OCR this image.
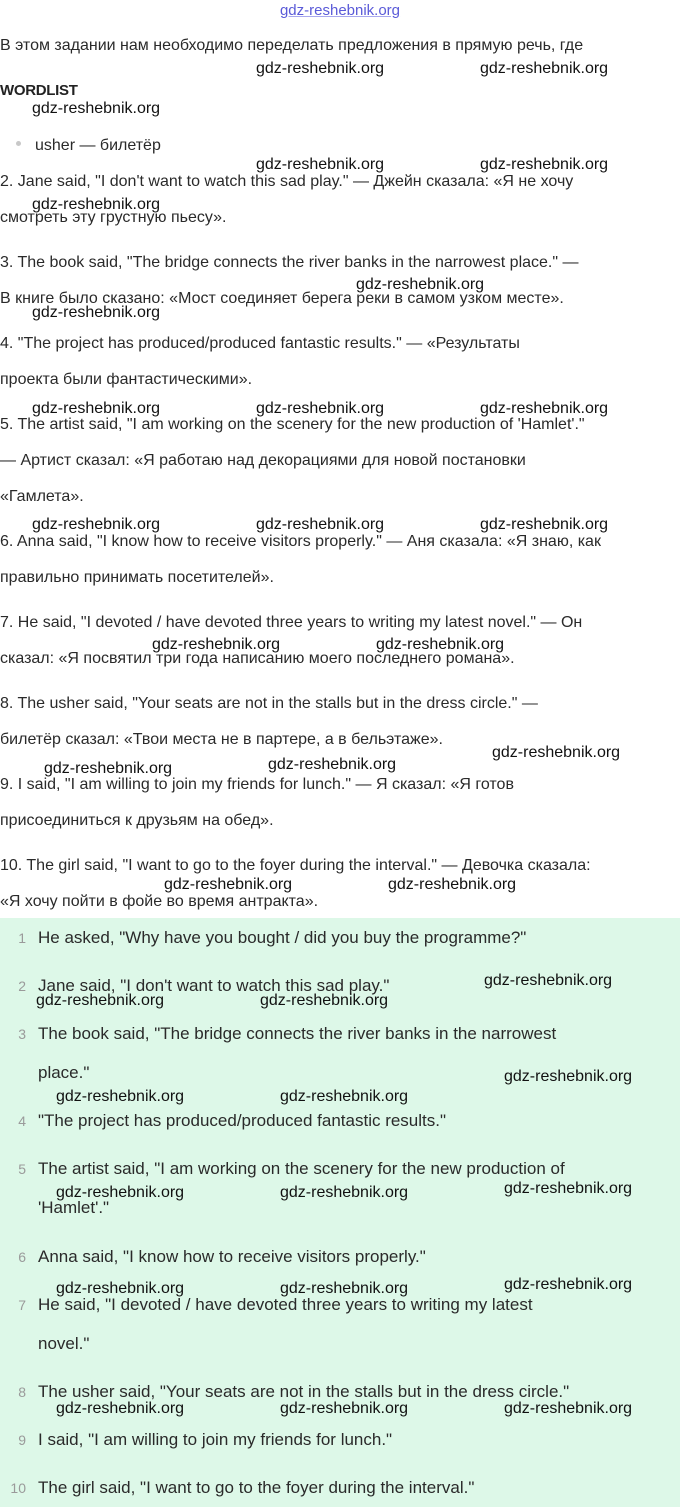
gdz-reshebnik.org
В этом задании нам необходимо переделать предложения в прямую речь, где
WORDLIST
usher — билетёр
2. Jane said, "I don't want to watch this sad play." — Джейн сказала: «Я не хочу
смотреть эту грустную пьесу».
3. The book said, "The bridge connects the river banks in the narrowest place." —
В книге было сказано: «Мост соединяет берега реки в самом узком месте».
4. "The project has produced/produced fantastic results." — «Результаты
проекта были фантастическими».
5. The artist said, "I am working on the scenery for the new production of 'Hamlet'."
— Артист сказал: «Я работаю над декорациями для новой постановки
«Гамлета».
6. Anna said, "I know how to receive visitors properly." — Аня сказала: «Я знаю, как
правильно принимать посетителей».
7. He said, "I devoted / have devoted three years to writing my latest novel." — Он
сказал: «Я посвятил три года написанию моего последнего романа».
8. The usher said, "Your seats are not in the stalls but in the dress circle." —
билетёр сказал: «Твои места не в партере, а в бельэтаже».
9. I said, "I am willing to join my friends for lunch." — Я сказал: «Я готов
присоединиться к друзьям на обед».
10. The girl said, "I want to go to the foyer during the interval." — Девочка сказала:
«Я хочу пойти в фойе во время антракта».
1 He asked, "Why have you bought / did you buy the programme?"
2 Jane said, "I don't want to watch this sad play."
3 The book said, "The bridge connects the river banks in the narrowest
place."
4 "The project has produced/produced fantastic results."
5 The artist said, "I am working on the scenery for the new production of
'Hamlet'."
6 Anna said, "I know how to receive visitors properly."
7 He said, "I devoted / have devoted three years to writing my latest
novel."
8 The usher said, "Your seats are not in the stalls but in the dress circle."
9 I said, "I am willing to join my friends for lunch."
10 The girl said, "I want to go to the foyer during the interval."
gdz-reshebnik.org	gdz-reshebnik.org
gdz-reshebnik.org
gdz-reshebnik.org	gdz-reshebnik.org
gdz-reshebnik.org
gdz-reshebnik.org
gdz-reshebnik.org
gdz-reshebnik.org	gdz-reshebnik.org	gdz-reshebnik.org
gdz-reshebnik.org	gdz-reshebnik.org	gdz-reshebnik.org
gdz-reshebnik.org	gdz-reshebnik.org
gdz-reshebnik.org
gdz-reshebnik.org
gdz-reshebnik.org
gdz-reshebnik.org	gdz-reshebnik.org
gdz-reshebnik.org
gdz-reshebnik.org	gdz-reshebnik.org
gdz-reshebnik.org
gdz-reshebnik.org	gdz-reshebnik.org
gdz-reshebnik.org
gdz-reshebnik.org	gdz-reshebnik.org
gdz-reshebnik.org
gdz-reshebnik.org	gdz-reshebnik.org
gdz-reshebnik.org	gdz-reshebnik.org	gdz-reshebnik.org
